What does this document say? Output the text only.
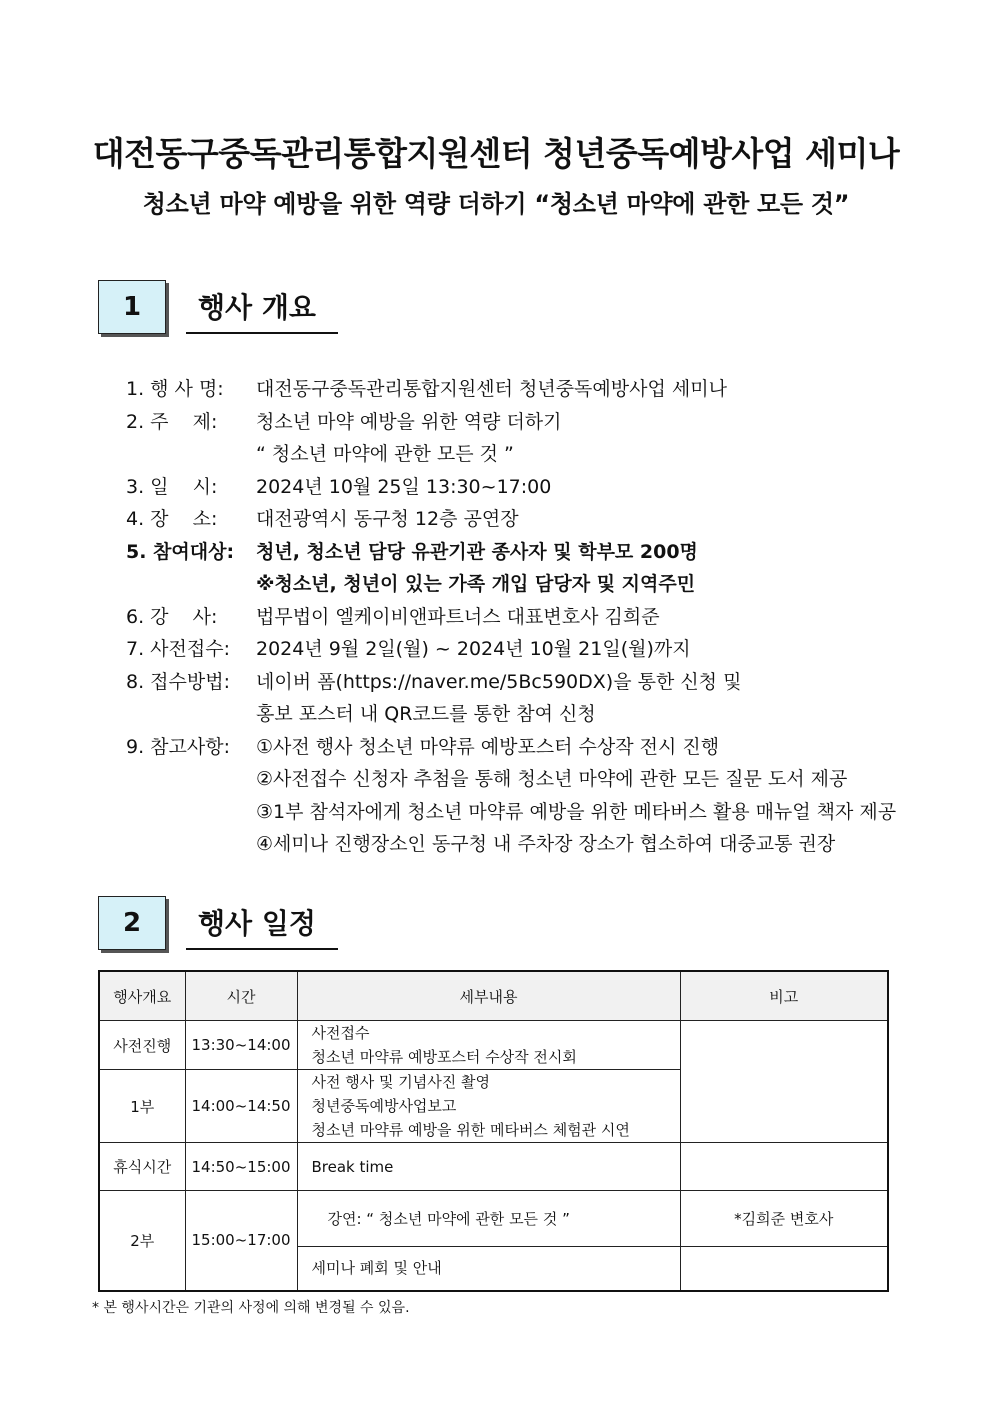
대전동구중독관리통합지원센터 청년중독예방사업 세미나
청소년 마약 예방을 위한 역량 더하기 “청소년 마약에 관한 모든 것”
1	행사 개요
1. 행 사 명:	대전동구중독관리통합지원센터 청년중독예방사업 세미나
2. 주    제:	청소년 마약 예방을 위한 역량 더하기
“ 청소년 마약에 관한 모든 것 ”
3. 일    시:	2024년 10월 25일 13:30~17:00
4. 장    소:	대전광역시 동구청 12층 공연장
5. 참여대상:	청년, 청소년 담당 유관기관 종사자 및 학부모 200명
※청소년, 청년이 있는 가족 개입 담당자 및 지역주민
6. 강    사:	법무법이 엘케이비앤파트너스 대표변호사 김희준
7. 사전접수:	2024년 9월 2일(월) ~ 2024년 10월 21일(월)까지
8. 접수방법:	네이버 폼(https://naver.me/5Bc590DX)을 통한 신청 및
홍보 포스터 내 QR코드를 통한 참여 신청
9. 참고사항:	①사전 행사 청소년 마약류 예방포스터 수상작 전시 진행
②사전접수 신청자 추첨을 통해 청소년 마약에 관한 모든 질문 도서 제공
③1부 참석자에게 청소년 마약류 예방을 위한 메타버스 활용 매뉴얼 책자 제공
④세미나 진행장소인 동구청 내 주차장 장소가 협소하여 대중교통 권장
2	행사 일정
행사개요	시간	세부내용	비고
사전진행	13:30~14:00	사전접수
청소년 마약류 예방포스터 수상작 전시회	

1부	14:00~14:50	사전 행사 및 기념사진 촬영
청년중독예방사업보고
청소년 마약류 예방을 위한 메타버스 체험관 시연	

휴식시간	14:50~15:00	Break time	

2부	15:00~17:00	강연: “ 청소년 마약에 관한 모든 것 ”	*김희준 변호사

		세미나 폐회 및 안내	

* 본 행사시간은 기관의 사정에 의해 변경될 수 있음.
